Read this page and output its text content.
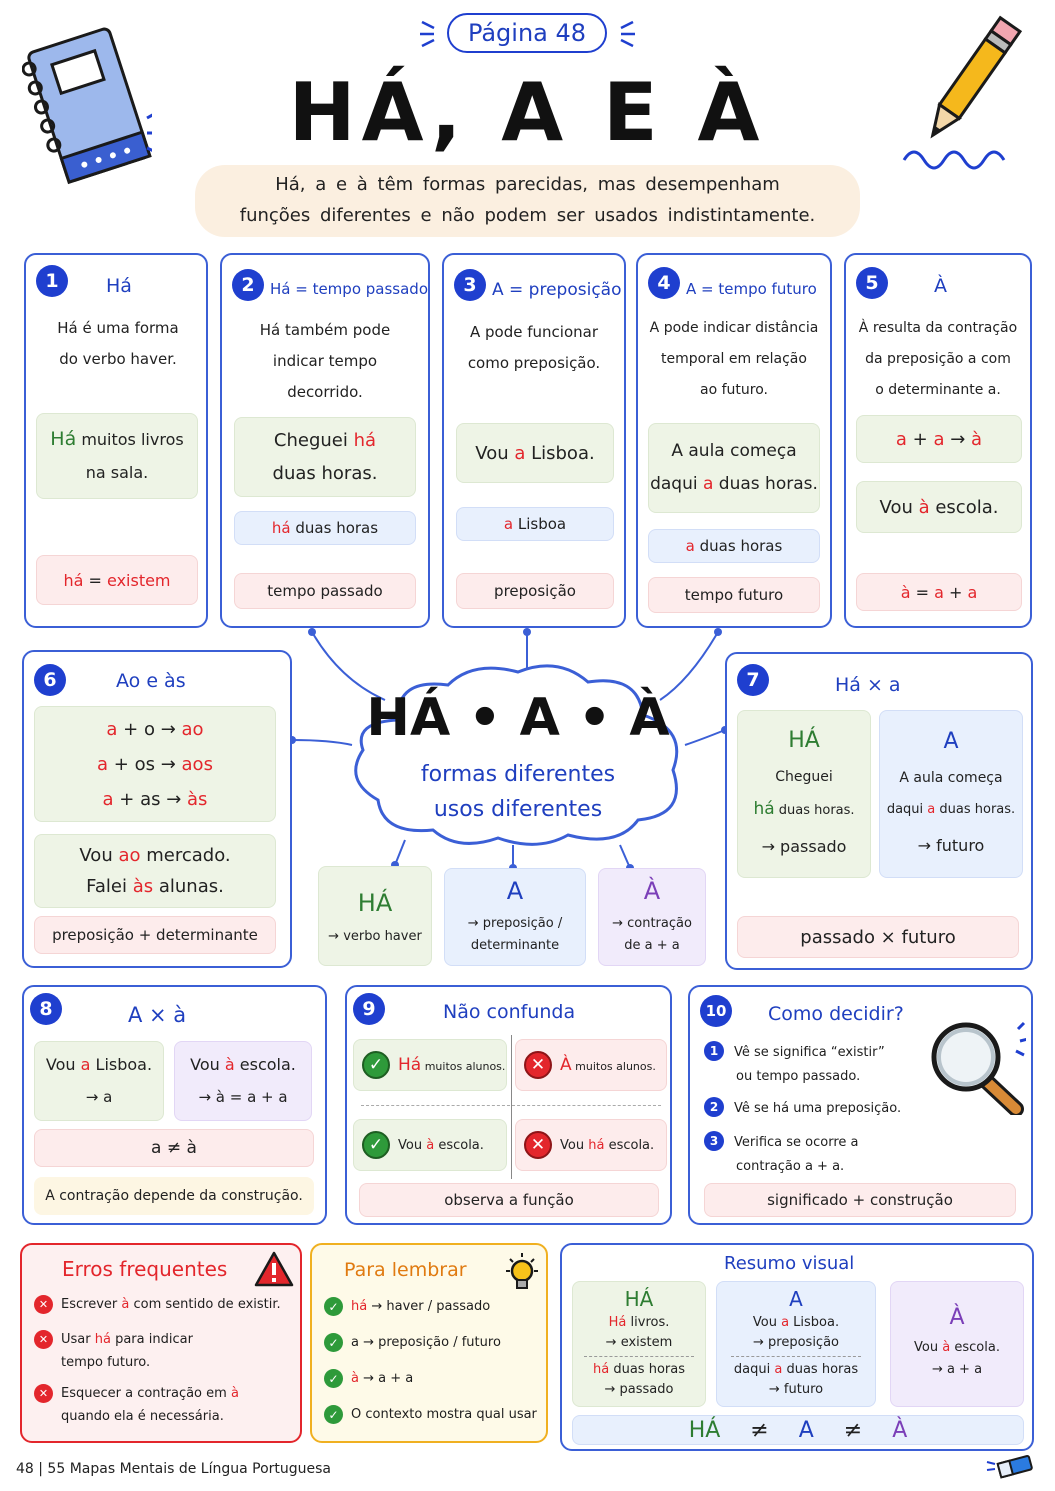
Página 48
HÁ, A E À
Há, a e à têm formas parecidas, mas desempenham
funções diferentes e não podem ser usados indistintamente.
1	Há
Há é uma forma
do verbo haver.
Há muitos livros
na sala.
há = existem
2	Há = tempo passado
Há também pode
indicar tempo
decorrido.
Cheguei há
duas horas.
há duas horas
tempo passado
3 A = preposição
A pode funcionar
como preposição.
Vou a Lisboa.
a Lisboa
preposição
4	A = tempo futuro
A pode indicar distância
temporal em relação
ao futuro.
A aula começa
daqui a duas horas.
a duas horas
tempo futuro
5	À
À resulta da contração
da preposição a com
o determinante a.
a + a → à
Vou à escola.
à = a + a
6	Ao e às
a + o → ao
a + os → aos
a + as → às
Vou ao mercado.
Falei às alunas.
preposição + determinante
HÁ • A • À
formas diferentes
usos diferentes
HÁ
→ verbo haver
A
→ preposição /
determinante
À
→ contração
de a + a
7	Há × a
HÁ
Cheguei
há duas horas.
→ passado
A
A aula começa
daqui a duas horas.
→ futuro
passado × futuro
8	A × à
Vou a Lisboa.
→ a
Vou à escola.
→ à = a + a
a ≠ à
A contração depende da construção.
9	Não confunda
✓ Há muitos alunos.	✕ À muitos alunos.
✓	Vou à escola.	✕	Vou há escola.
observa a função
10 Como decidir?
1 Vê se significa “existir”
ou tempo passado.
2 Vê se há uma preposição.
3 Verifica se ocorre a
contração a + a.
significado + construção
Erros frequentes
✕ Escrever à com sentido de existir.
✕ Usar há para indicar
tempo futuro.
✕ Esquecer a contração em à
quando ela é necessária.
Para lembrar
✓ há → haver / passado
✓ a → preposição / futuro
✓ à → a + a
✓ O contexto mostra qual usar
Resumo visual
HÁ
Há livros.
→ existem
há duas horas
→ passado
A
Vou a Lisboa.
→ preposição
daqui a duas horas
→ futuro
À
Vou à escola.
→ a + a
HÁ ≠ A ≠ À
48 | 55 Mapas Mentais de Língua Portuguesa
